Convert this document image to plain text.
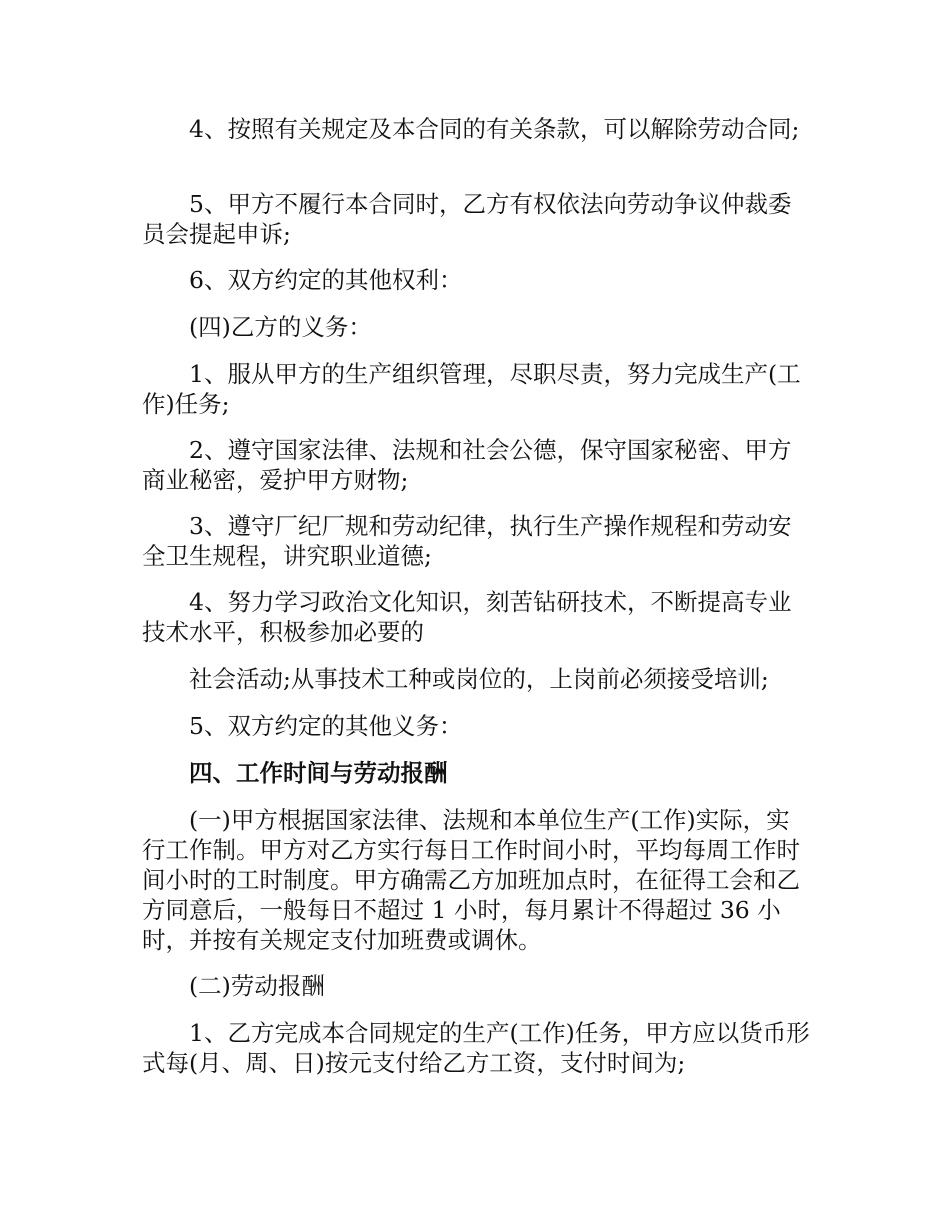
　　4、按照有关规定及本合同的有关条款，可以解除劳动合同;

　　5、甲方不履行本合同时，乙方有权依法向劳动争议仲裁委员会提起申诉;

　　6、双方约定的其他权利：

　　(四)乙方的义务：

　　1、服从甲方的生产组织管理，尽职尽责，努力完成生产(工作)任务;

　　2、遵守国家法律、法规和社会公德，保守国家秘密、甲方商业秘密，爱护甲方财物;

　　3、遵守厂纪厂规和劳动纪律，执行生产操作规程和劳动安全卫生规程，讲究职业道德;

　　4、努力学习政治文化知识，刻苦钻研技术，不断提高专业技术水平，积极参加必要的

　　社会活动;从事技术工种或岗位的，上岗前必须接受培训;

　　5、双方约定的其他义务：

　　四、工作时间与劳动报酬

　　(一)甲方根据国家法律、法规和本单位生产(工作)实际，实行工作制。甲方对乙方实行每日工作时间小时，平均每周工作时间小时的工时制度。甲方确需乙方加班加点时，在征得工会和乙方同意后，一般每日不超过 1 小时，每月累计不得超过 36 小时，并按有关规定支付加班费或调休。

　　(二)劳动报酬

　　1、乙方完成本合同规定的生产(工作)任务，甲方应以货币形式每(月、周、日)按元支付给乙方工资，支付时间为;
